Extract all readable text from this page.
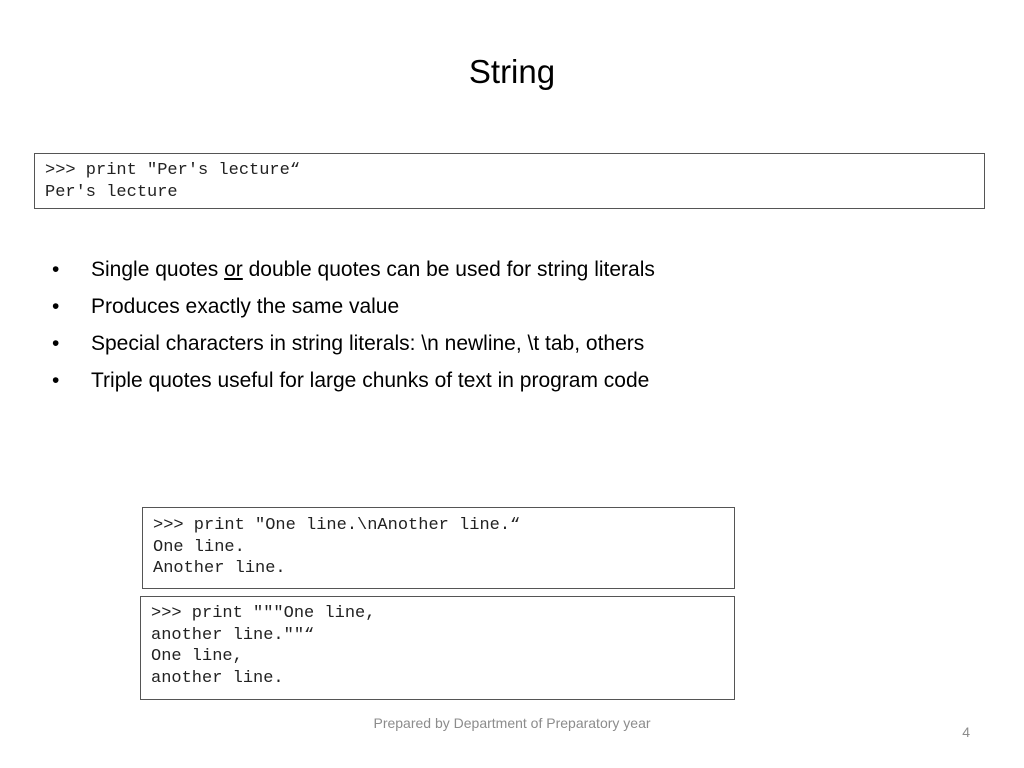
String
>>> print "Per's lecture“
Per's lecture
• Single quotes or double quotes can be used for string literals
• Produces exactly the same value
• Special characters in string literals: \n newline, \t tab, others
• Triple quotes useful for large chunks of text in program code
>>> print "One line.\nAnother line.“
One line.
Another line.
>>> print """One line,
another line.""“
One line,
another line.
Prepared by Department of Preparatory year
4
